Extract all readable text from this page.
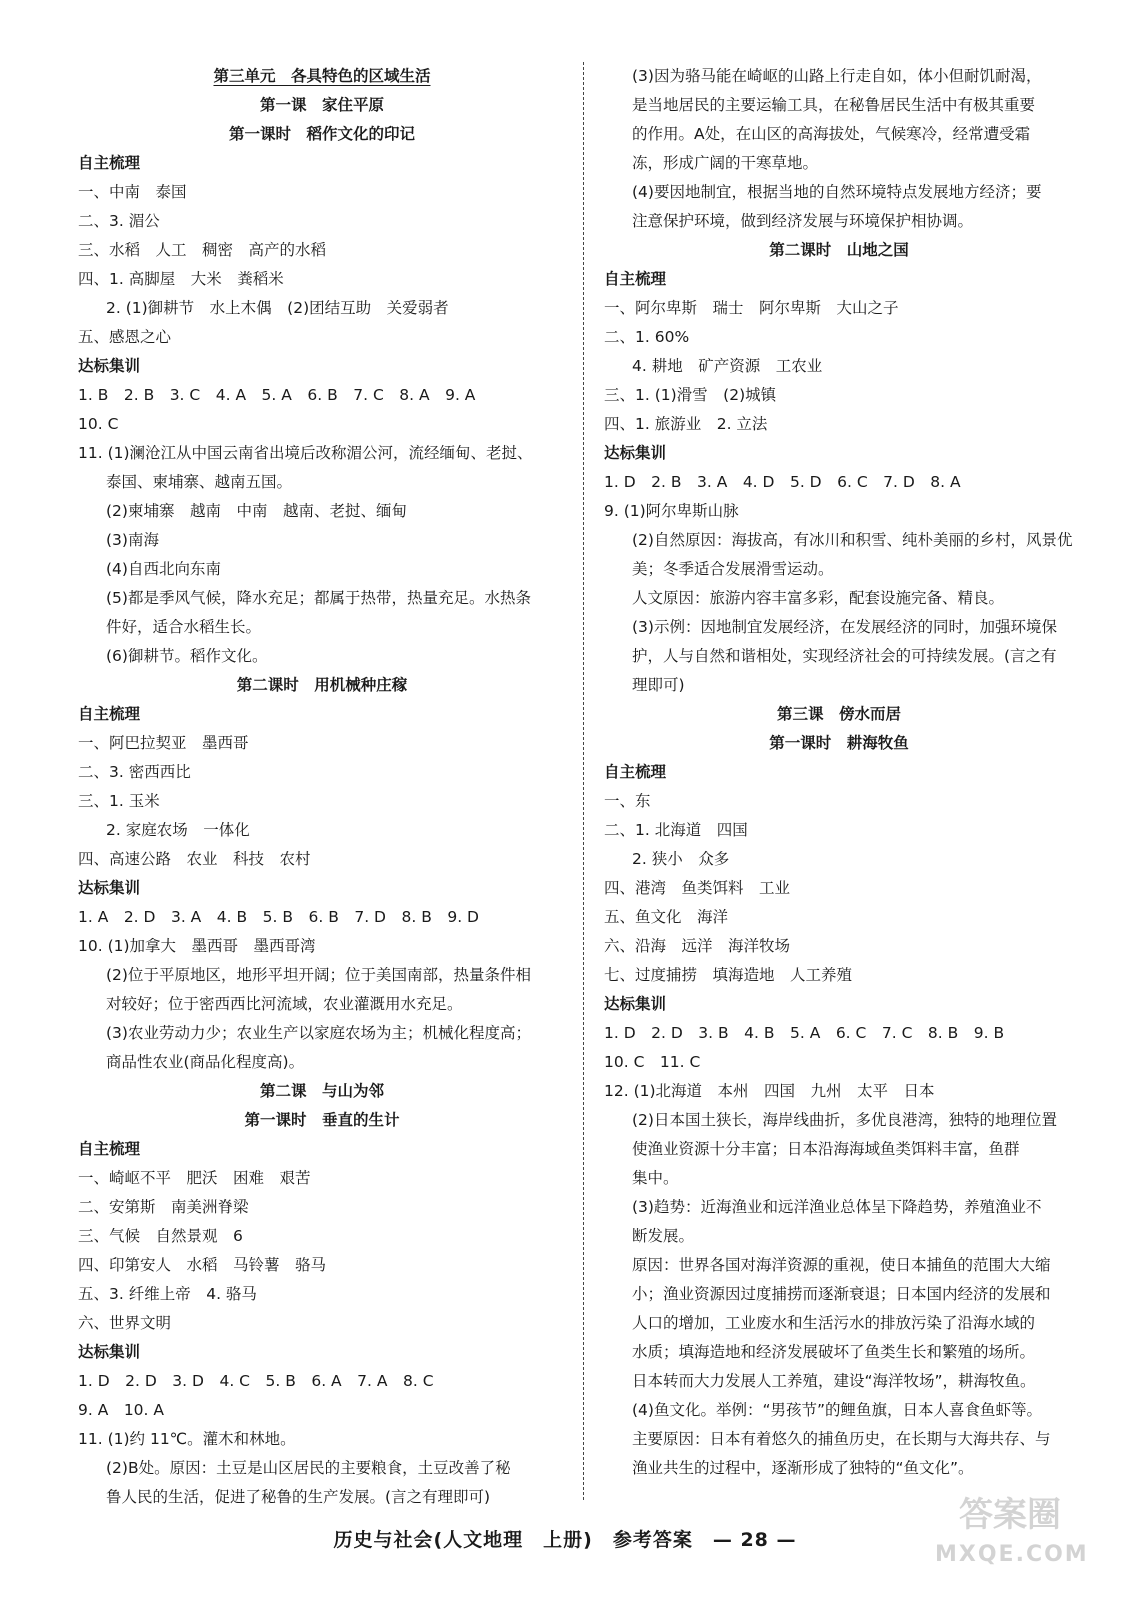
第三单元　各具特色的区域生活
第一课　家住平原
第一课时　稻作文化的印记
自主梳理
一、中南　泰国
二、3. 湄公
三、水稻　人工　稠密　高产的水稻
四、1. 高脚屋　大米　粪稻米
2. (1)御耕节　水上木偶　(2)团结互助　关爱弱者
五、感恩之心
达标集训
1. B　2. B　3. C　4. A　5. A　6. B　7. C　8. A　9. A
10. C
11. (1)澜沧江从中国云南省出境后改称湄公河，流经缅甸、老挝、
泰国、柬埔寨、越南五国。
(2)柬埔寨　越南　中南　越南、老挝、缅甸
(3)南海
(4)自西北向东南
(5)都是季风气候，降水充足；都属于热带，热量充足。水热条
件好，适合水稻生长。
(6)御耕节。稻作文化。
第二课时　用机械种庄稼
自主梳理
一、阿巴拉契亚　墨西哥
二、3. 密西西比
三、1. 玉米
2. 家庭农场　一体化
四、高速公路　农业　科技　农村
达标集训
1. A　2. D　3. A　4. B　5. B　6. B　7. D　8. B　9. D
10. (1)加拿大　墨西哥　墨西哥湾
(2)位于平原地区，地形平坦开阔；位于美国南部，热量条件相
对较好；位于密西西比河流域，农业灌溉用水充足。
(3)农业劳动力少；农业生产以家庭农场为主；机械化程度高；
商品性农业(商品化程度高)。
第二课　与山为邻
第一课时　垂直的生计
自主梳理
一、崎岖不平　肥沃　困难　艰苦
二、安第斯　南美洲脊梁
三、气候　自然景观　6
四、印第安人　水稻　马铃薯　骆马
五、3. 纤维上帝　4. 骆马
六、世界文明
达标集训
1. D　2. D　3. D　4. C　5. B　6. A　7. A　8. C
9. A　10. A
11. (1)约 11℃。灌木和林地。
(2)B处。原因：土豆是山区居民的主要粮食，土豆改善了秘
鲁人民的生活，促进了秘鲁的生产发展。(言之有理即可)
(3)因为骆马能在崎岖的山路上行走自如，体小但耐饥耐渴，
是当地居民的主要运输工具，在秘鲁居民生活中有极其重要
的作用。A处，在山区的高海拔处，气候寒冷，经常遭受霜
冻，形成广阔的干寒草地。
(4)要因地制宜，根据当地的自然环境特点发展地方经济；要
注意保护环境，做到经济发展与环境保护相协调。
第二课时　山地之国
自主梳理
一、阿尔卑斯　瑞士　阿尔卑斯　大山之子
二、1. 60%
4. 耕地　矿产资源　工农业
三、1. (1)滑雪　(2)城镇
四、1. 旅游业　2. 立法
达标集训
1. D　2. B　3. A　4. D　5. D　6. C　7. D　8. A
9. (1)阿尔卑斯山脉
(2)自然原因：海拔高，有冰川和积雪、纯朴美丽的乡村，风景优
美；冬季适合发展滑雪运动。
人文原因：旅游内容丰富多彩，配套设施完备、精良。
(3)示例：因地制宜发展经济，在发展经济的同时，加强环境保
护，人与自然和谐相处，实现经济社会的可持续发展。(言之有
理即可)
第三课　傍水而居
第一课时　耕海牧鱼
自主梳理
一、东
二、1. 北海道　四国
2. 狭小　众多
四、港湾　鱼类饵料　工业
五、鱼文化　海洋
六、沿海　远洋　海洋牧场
七、过度捕捞　填海造地　人工养殖
达标集训
1. D　2. D　3. B　4. B　5. A　6. C　7. C　8. B　9. B
10. C　11. C
12. (1)北海道　本州　四国　九州　太平　日本
(2)日本国土狭长，海岸线曲折，多优良港湾，独特的地理位置
使渔业资源十分丰富；日本沿海海域鱼类饵料丰富，鱼群
集中。
(3)趋势：近海渔业和远洋渔业总体呈下降趋势，养殖渔业不
断发展。
原因：世界各国对海洋资源的重视，使日本捕鱼的范围大大缩
小；渔业资源因过度捕捞而逐渐衰退；日本国内经济的发展和
人口的增加，工业废水和生活污水的排放污染了沿海水域的
水质；填海造地和经济发展破坏了鱼类生长和繁殖的场所。
日本转而大力发展人工养殖，建设“海洋牧场”，耕海牧鱼。
(4)鱼文化。举例：“男孩节”的鲤鱼旗，日本人喜食鱼虾等。
主要原因：日本有着悠久的捕鱼历史，在长期与大海共存、与
渔业共生的过程中，逐渐形成了独特的“鱼文化”。
历史与社会(人文地理　上册)　参考答案　— 28 —
答案圈
MXQE.COM
